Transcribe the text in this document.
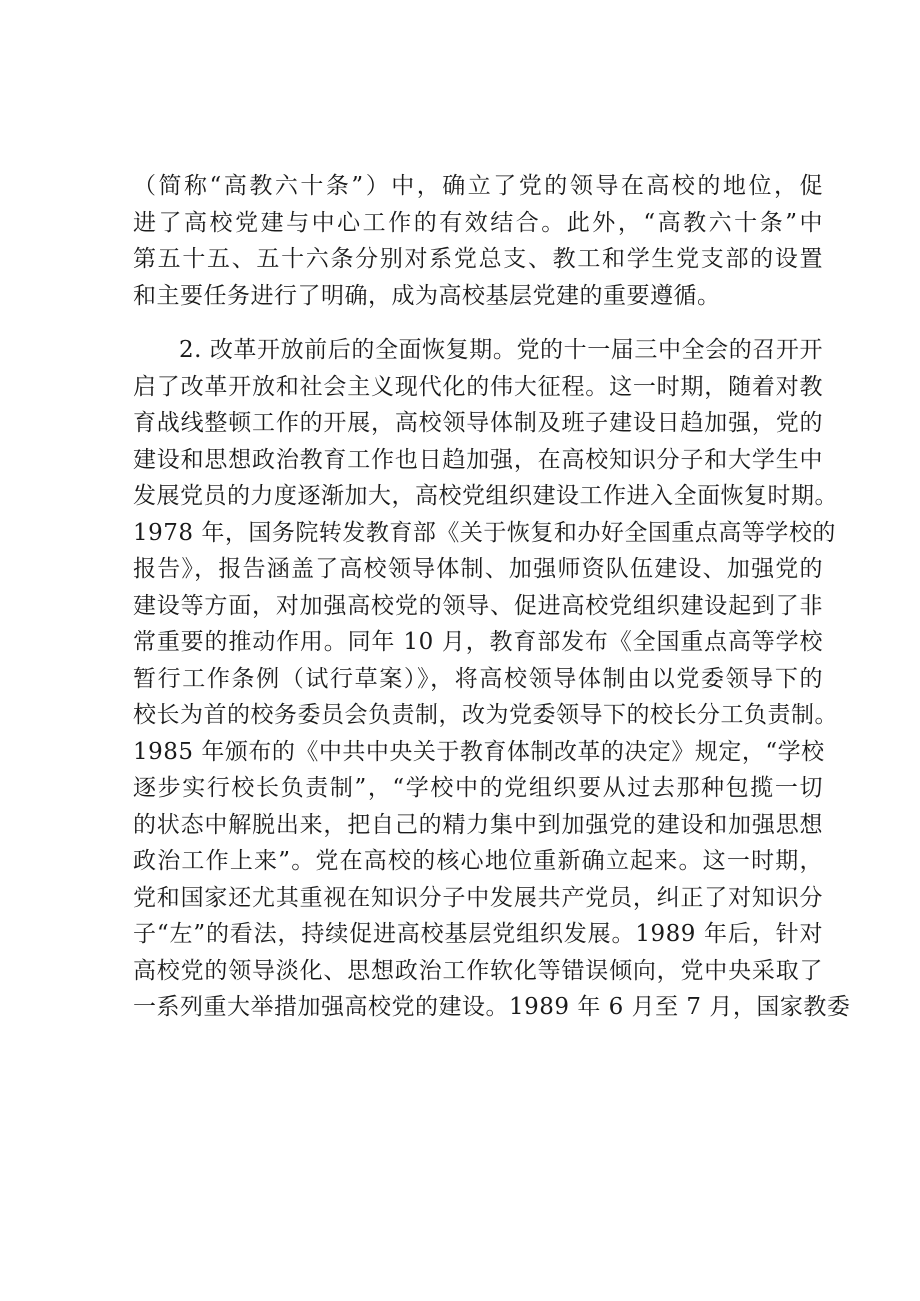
（简称“高教六十条”）中，确立了党的领导在高校的地位，促
进了高校党建与中心工作的有效结合。此外，“高教六十条”中
第五十五、五十六条分别对系党总支、教工和学生党支部的设置
和主要任务进行了明确，成为高校基层党建的重要遵循。
2. 改革开放前后的全面恢复期。党的十一届三中全会的召开开
启了改革开放和社会主义现代化的伟大征程。这一时期，随着对教
育战线整顿工作的开展，高校领导体制及班子建设日趋加强，党的
建设和思想政治教育工作也日趋加强，在高校知识分子和大学生中
发展党员的力度逐渐加大，高校党组织建设工作进入全面恢复时期。
1978 年，国务院转发教育部《关于恢复和办好全国重点高等学校的
报告》，报告涵盖了高校领导体制、加强师资队伍建设、加强党的
建设等方面，对加强高校党的领导、促进高校党组织建设起到了非
常重要的推动作用。同年 10 月，教育部发布《全国重点高等学校
暂行工作条例（试行草案）》，将高校领导体制由以党委领导下的
校长为首的校务委员会负责制，改为党委领导下的校长分工负责制。
1985 年颁布的《中共中央关于教育体制改革的决定》规定，“学校
逐步实行校长负责制”，“学校中的党组织要从过去那种包揽一切
的状态中解脱出来，把自己的精力集中到加强党的建设和加强思想
政治工作上来”。党在高校的核心地位重新确立起来。这一时期，
党和国家还尤其重视在知识分子中发展共产党员，纠正了对知识分
子“左”的看法，持续促进高校基层党组织发展。1989 年后，针对
高校党的领导淡化、思想政治工作软化等错误倾向，党中央采取了
一系列重大举措加强高校党的建设。1989 年 6 月至 7 月，国家教委
